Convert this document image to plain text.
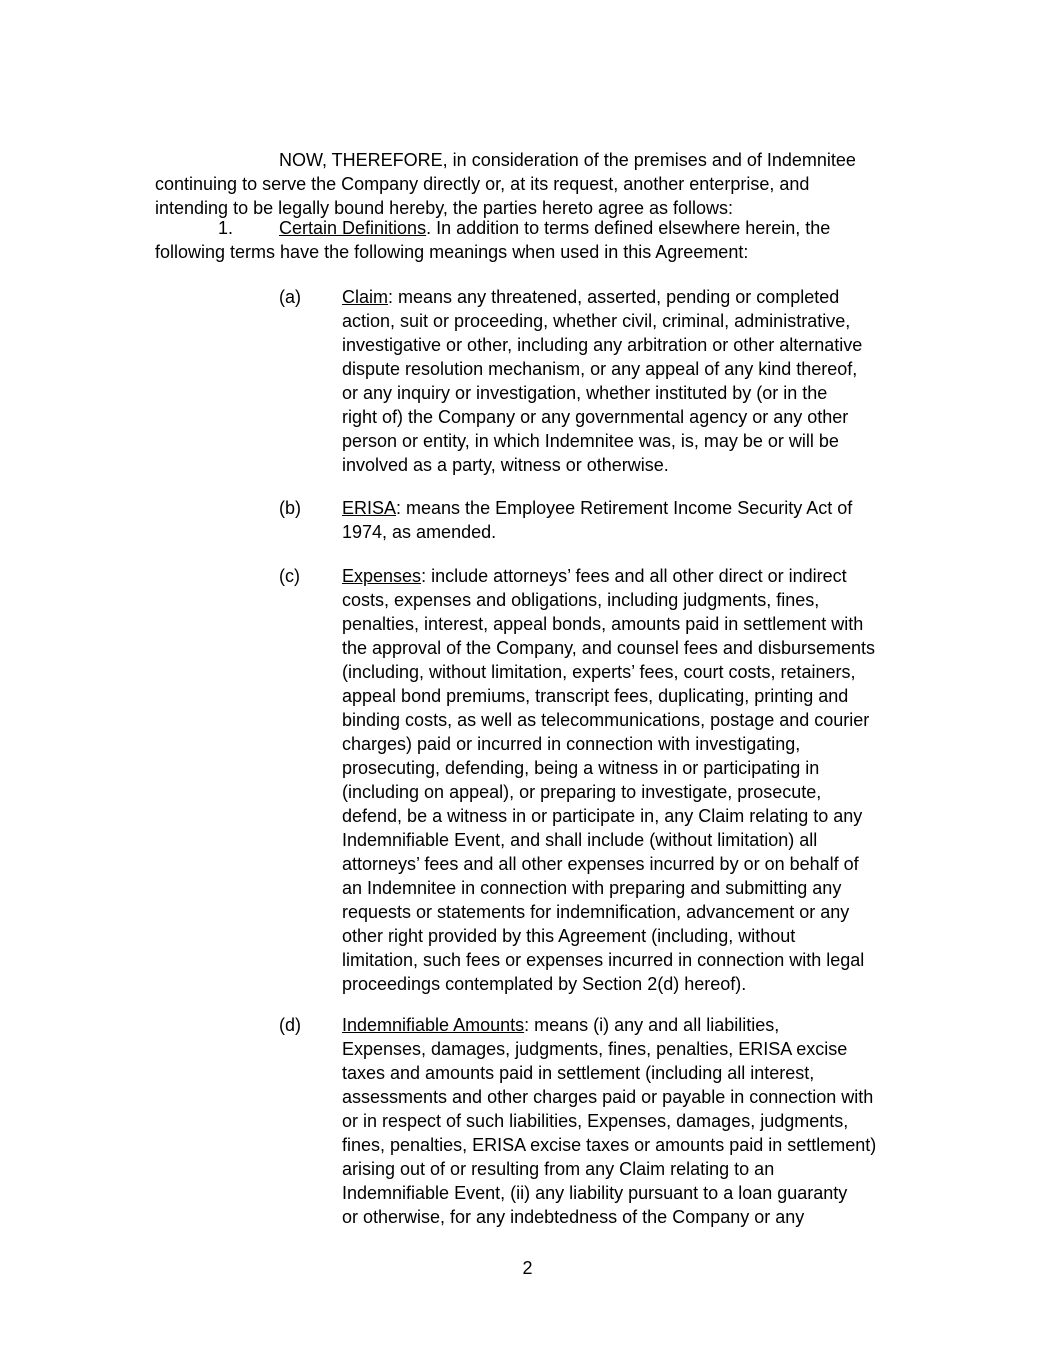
NOW, THEREFORE, in consideration of the premises and of Indemnitee
continuing to serve the Company directly or, at its request, another enterprise, and
intending to be legally bound hereby, the parties hereto agree as follows:

1.	Certain Definitions. In addition to terms defined elsewhere herein, the
following terms have the following meanings when used in this Agreement:
(a) Claim: means any threatened, asserted, pending or completed
action, suit or proceeding, whether civil, criminal, administrative,
investigative or other, including any arbitration or other alternative
dispute resolution mechanism, or any appeal of any kind thereof,
or any inquiry or investigation, whether instituted by (or in the
right of) the Company or any governmental agency or any other
person or entity, in which Indemnitee was, is, may be or will be
involved as a party, witness or otherwise.
(b) ERISA: means the Employee Retirement Income Security Act of
1974, as amended.
(c) Expenses: include attorneys’ fees and all other direct or indirect
costs, expenses and obligations, including judgments, fines,
penalties, interest, appeal bonds, amounts paid in settlement with
the approval of the Company, and counsel fees and disbursements
(including, without limitation, experts’ fees, court costs, retainers,
appeal bond premiums, transcript fees, duplicating, printing and
binding costs, as well as telecommunications, postage and courier
charges) paid or incurred in connection with investigating,
prosecuting, defending, being a witness in or participating in
(including on appeal), or preparing to investigate, prosecute,
defend, be a witness in or participate in, any Claim relating to any
Indemnifiable Event, and shall include (without limitation) all
attorneys’ fees and all other expenses incurred by or on behalf of
an Indemnitee in connection with preparing and submitting any
requests or statements for indemnification, advancement or any
other right provided by this Agreement (including, without
limitation, such fees or expenses incurred in connection with legal
proceedings contemplated by Section 2(d) hereof).
(d) Indemnifiable Amounts: means (i) any and all liabilities,
Expenses, damages, judgments, fines, penalties, ERISA excise
taxes and amounts paid in settlement (including all interest,
assessments and other charges paid or payable in connection with
or in respect of such liabilities, Expenses, damages, judgments,
fines, penalties, ERISA excise taxes or amounts paid in settlement)
arising out of or resulting from any Claim relating to an
Indemnifiable Event, (ii) any liability pursuant to a loan guaranty
or otherwise, for any indebtedness of the Company or any
2
